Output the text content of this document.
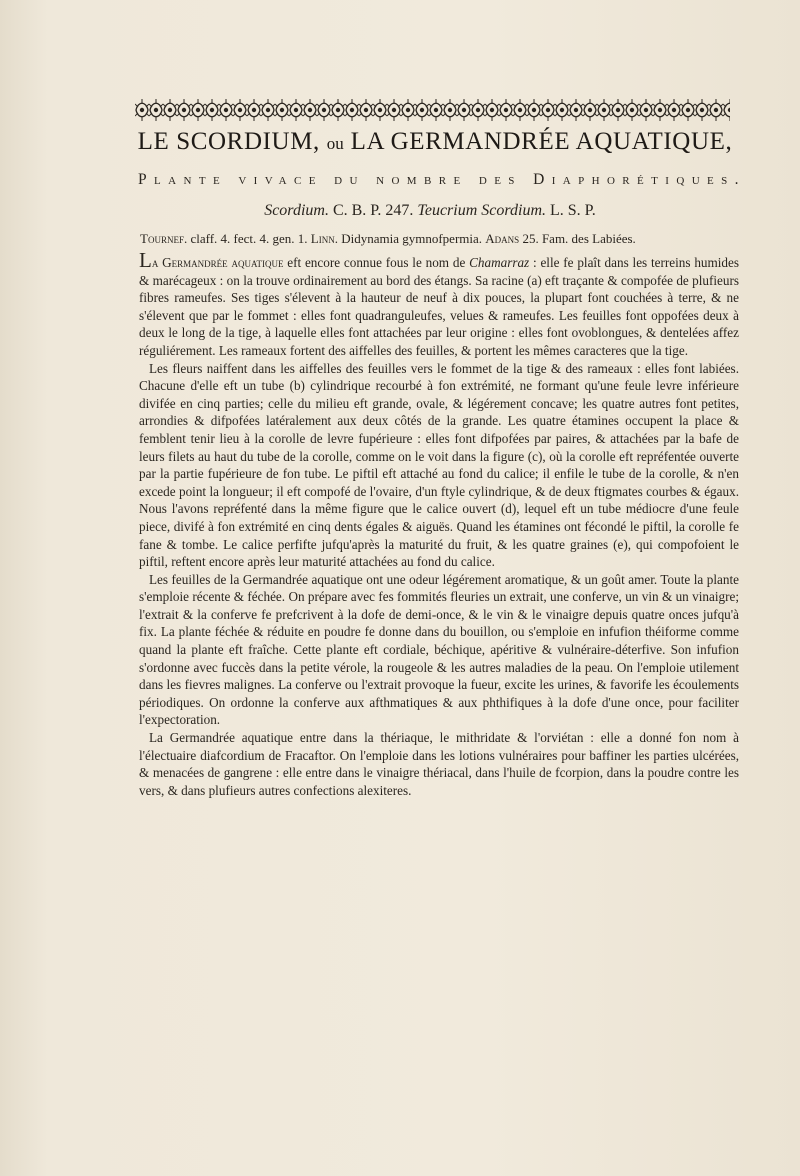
LE SCORDIUM, ou LA GERMANDRÉE AQUATIQUE,
Plante vivace du nombre des Diaphorétiques.
Scordium. C. B. P. 247. Teucrium Scordium. L. S. P.
Tournef. claff. 4. fect. 4. gen. 1. Linn. Didynamia gymnofpermia. Adans 25. Fam. des Labiées.

La Germandrée aquatique eft encore connue fous le nom de Chamarraz : elle fe plaît dans les terreins humides & marécageux : on la trouve ordinairement au bord des étangs. Sa racine (a) eft traçante & compofée de plufieurs fibres rameufes. Ses tiges s'élevent à la hauteur de neuf à dix pouces, la plupart font couchées à terre, & ne s'élevent que par le fommet : elles font quadranguleufes, velues & rameufes. Les feuilles font oppofées deux à deux le long de la tige, à laquelle elles font attachées par leur origine : elles font ovoblongues, & dentelées affez réguliérement. Les rameaux fortent des aiffelles des feuilles, & portent les mêmes caracteres que la tige.

Les fleurs naiffent dans les aiffelles des feuilles vers le fommet de la tige & des rameaux : elles font labiées. Chacune d'elle eft un tube (b) cylindrique recourbé à fon extrémité, ne formant qu'une feule levre inférieure divifée en cinq parties; celle du milieu eft grande, ovale, & légérement concave; les quatre autres font petites, arrondies & difpofées latéralement aux deux côtés de la grande. Les quatre étamines occupent la place & femblent tenir lieu à la corolle de levre fupérieure : elles font difpofées par paires, & attachées par la bafe de leurs filets au haut du tube de la corolle, comme on le voit dans la figure (c), où la corolle eft repréfentée ouverte par la partie fupérieure de fon tube. Le piftil eft attaché au fond du calice; il enfile le tube de la corolle, & n'en excede point la longueur; il eft compofé de l'ovaire, d'un ftyle cylindrique, & de deux ftigmates courbes & égaux. Nous l'avons repréfenté dans la même figure que le calice ouvert (d), lequel eft un tube médiocre d'une feule piece, divifé à fon extrémité en cinq dents égales & aiguës. Quand les étamines ont fécondé le piftil, la corolle fe fane & tombe. Le calice perfifte jufqu'après la maturité du fruit, & les quatre graines (e), qui compofoient le piftil, reftent encore après leur maturité attachées au fond du calice.

Les feuilles de la Germandrée aquatique ont une odeur légérement aromatique, & un goût amer. Toute la plante s'emploie récente & féchée. On prépare avec fes fommités fleuries un extrait, une conferve, un vin & un vinaigre; l'extrait & la conferve fe prefcrivent à la dofe de demi-once, & le vin & le vinaigre depuis quatre onces jufqu'à fix. La plante féchée & réduite en poudre fe donne dans du bouillon, ou s'emploie en infufion théiforme comme quand la plante eft fraîche. Cette plante eft cordiale, béchique, apéritive & vulnéraire-déterfive. Son infufion s'ordonne avec fuccès dans la petite vérole, la rougeole & les autres maladies de la peau. On l'emploie utilement dans les fievres malignes. La conferve ou l'extrait provoque la fueur, excite les urines, & favorife les écoulements périodiques. On ordonne la conferve aux afthmatiques & aux phthifiques à la dofe d'une once, pour faciliter l'expectoration.

La Germandrée aquatique entre dans la thériaque, le mithridate & l'orviétan : elle a donné fon nom à l'électuaire diafcordium de Fracaftor. On l'emploie dans les lotions vulnéraires pour baffiner les parties ulcérées, & menacées de gangrene : elle entre dans le vinaigre thériacal, dans l'huile de fcorpion, dans la poudre contre les vers, & dans plufieurs autres confections alexiteres.
